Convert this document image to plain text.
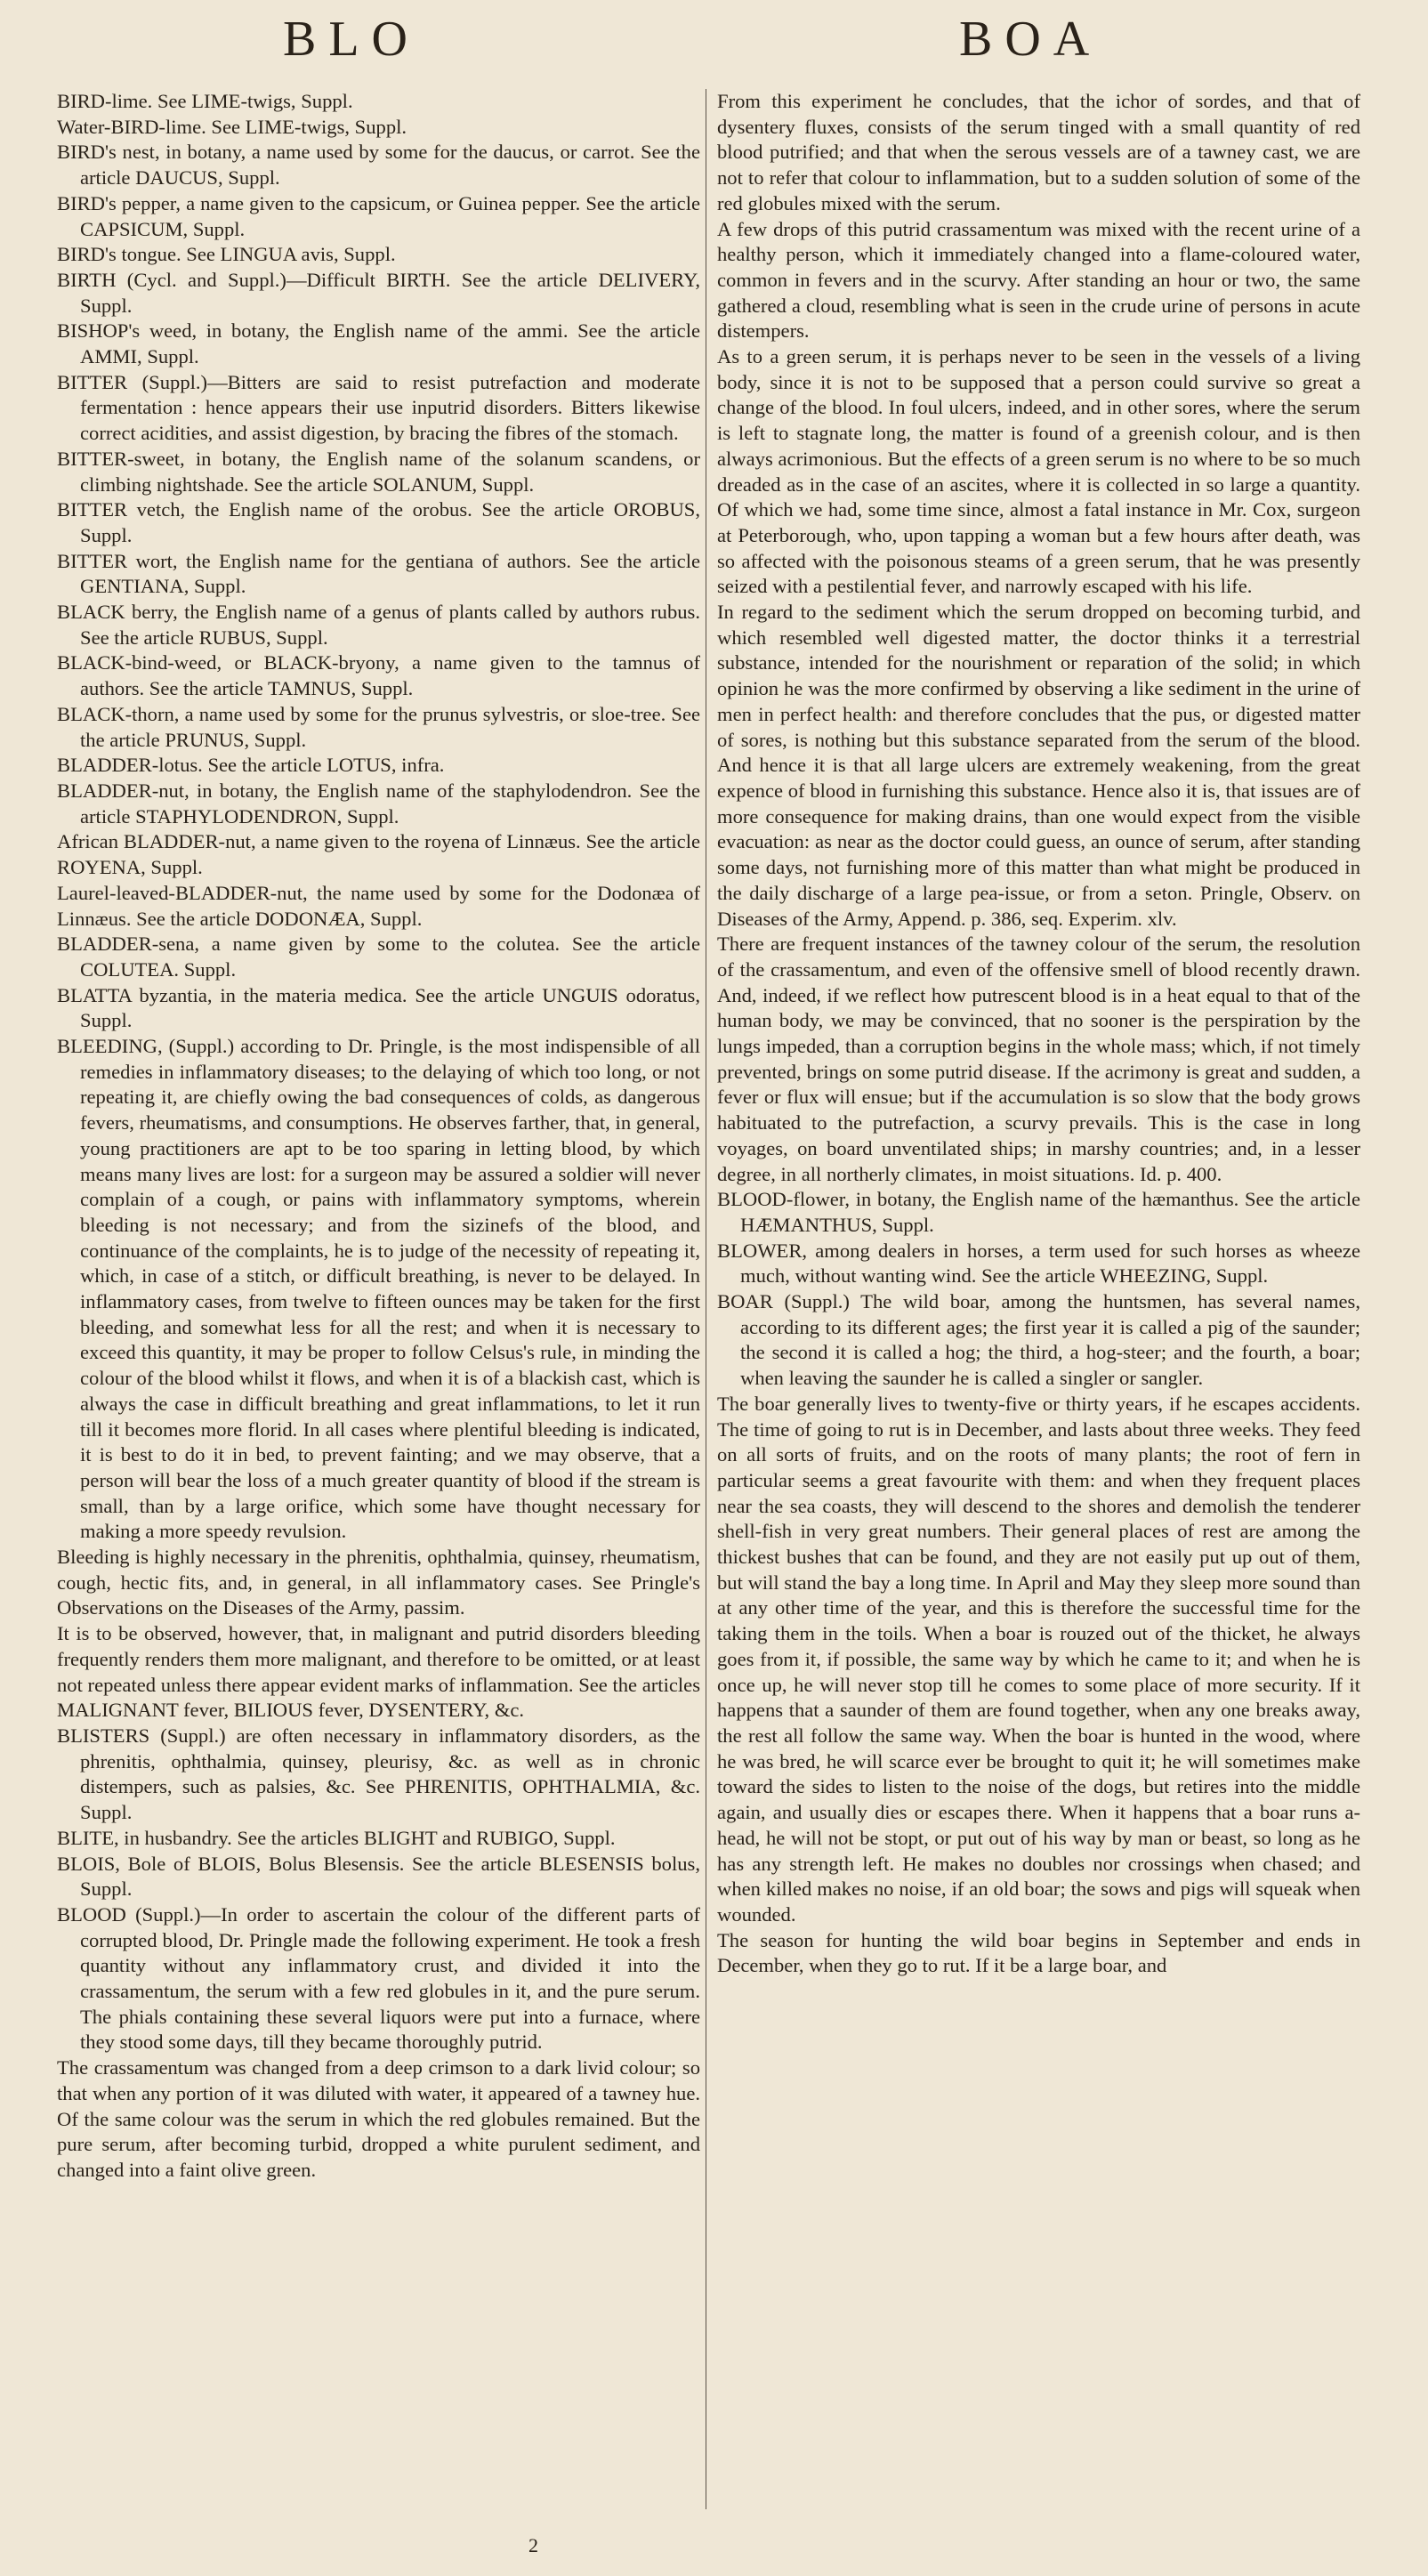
BLO	BOA

BIRD-lime. See LIME-twigs, Suppl.

Water-BIRD-lime. See LIME-twigs, Suppl.

BIRD's nest, in botany, a name used by some for the daucus, or carrot. See the article DAUCUS, Suppl.

BIRD's pepper, a name given to the capsicum, or Guinea pepper. See the article CAPSICUM, Suppl.

BIRD's tongue. See LINGUA avis, Suppl.

BIRTH (Cycl. and Suppl.)—Difficult BIRTH. See the article DELIVERY, Suppl.

BISHOP's weed, in botany, the English name of the ammi. See the article AMMI, Suppl.

BITTER (Suppl.)—Bitters are said to resist putrefaction and moderate fermentation : hence appears their use inputrid disorders. Bitters likewise correct acidities, and assist digestion, by bracing the fibres of the stomach.

BITTER-sweet, in botany, the English name of the solanum scandens, or climbing nightshade. See the article SOLANUM, Suppl.

BITTER vetch, the English name of the orobus. See the article OROBUS, Suppl.

BITTER wort, the English name for the gentiana of authors. See the article GENTIANA, Suppl.

BLACK berry, the English name of a genus of plants called by authors rubus. See the article RUBUS, Suppl.

BLACK-bind-weed, or BLACK-bryony, a name given to the tamnus of authors. See the article TAMNUS, Suppl.

BLACK-thorn, a name used by some for the prunus sylvestris, or sloe-tree. See the article PRUNUS, Suppl.

BLADDER-lotus. See the article LOTUS, infra.

BLADDER-nut, in botany, the English name of the staphylodendron. See the article STAPHYLODENDRON, Suppl.

African BLADDER-nut, a name given to the royena of Linnæus. See the article ROYENA, Suppl.

Laurel-leaved-BLADDER-nut, the name used by some for the Dodonæa of Linnæus. See the article DODONÆA, Suppl.

BLADDER-sena, a name given by some to the colutea. See the article COLUTEA. Suppl.

BLATTA byzantia, in the materia medica. See the article UNGUIS odoratus, Suppl.

BLEEDING, (Suppl.) according to Dr. Pringle, is the most indispensible of all remedies in inflammatory diseases; to the delaying of which too long, or not repeating it, are chiefly owing the bad consequences of colds, as dangerous fevers, rheumatisms, and consumptions. He observes farther, that, in general, young practitioners are apt to be too sparing in letting blood, by which means many lives are lost: for a surgeon may be assured a soldier will never complain of a cough, or pains with inflammatory symptoms, wherein bleeding is not necessary; and from the sizinefs of the blood, and continuance of the complaints, he is to judge of the necessity of repeating it, which, in case of a stitch, or difficult breathing, is never to be delayed. In inflammatory cases, from twelve to fifteen ounces may be taken for the first bleeding, and somewhat less for all the rest; and when it is necessary to exceed this quantity, it may be proper to follow Celsus's rule, in minding the colour of the blood whilst it flows, and when it is of a blackish cast, which is always the case in difficult breathing and great inflammations, to let it run till it becomes more florid. In all cases where plentiful bleeding is indicated, it is best to do it in bed, to prevent fainting; and we may observe, that a person will bear the loss of a much greater quantity of blood if the stream is small, than by a large orifice, which some have thought necessary for making a more speedy revulsion.

Bleeding is highly necessary in the phrenitis, ophthalmia, quinsey, rheumatism, cough, hectic fits, and, in general, in all inflammatory cases. See Pringle's Observations on the Diseases of the Army, passim.

It is to be observed, however, that, in malignant and putrid disorders bleeding frequently renders them more malignant, and therefore to be omitted, or at least not repeated unless there appear evident marks of inflammation. See the articles MALIGNANT fever, BILIOUS fever, DYSENTERY, &c.

BLISTERS (Suppl.) are often necessary in inflammatory disorders, as the phrenitis, ophthalmia, quinsey, pleurisy, &c. as well as in chronic distempers, such as palsies, &c. See PHRENITIS, OPHTHALMIA, &c. Suppl.

BLITE, in husbandry. See the articles BLIGHT and RUBIGO, Suppl.

BLOIS, Bole of BLOIS, Bolus Blesensis. See the article BLESENSIS bolus, Suppl.

BLOOD (Suppl.)—In order to ascertain the colour of the different parts of corrupted blood, Dr. Pringle made the following experiment. He took a fresh quantity without any inflammatory crust, and divided it into the crassamentum, the serum with a few red globules in it, and the pure serum. The phials containing these several liquors were put into a furnace, where they stood some days, till they became thoroughly putrid.

The crassamentum was changed from a deep crimson to a dark livid colour; so that when any portion of it was diluted with water, it appeared of a tawney hue. Of the same colour was the serum in which the red globules remained. But the pure serum, after becoming turbid, dropped a white purulent sediment, and changed into a faint olive green.

From this experiment he concludes, that the ichor of sordes, and that of dysentery fluxes, consists of the serum tinged with a small quantity of red blood putrified; and that when the serous vessels are of a tawney cast, we are not to refer that colour to inflammation, but to a sudden solution of some of the red globules mixed with the serum.

A few drops of this putrid crassamentum was mixed with the recent urine of a healthy person, which it immediately changed into a flame-coloured water, common in fevers and in the scurvy. After standing an hour or two, the same gathered a cloud, resembling what is seen in the crude urine of persons in acute distempers.

As to a green serum, it is perhaps never to be seen in the vessels of a living body, since it is not to be supposed that a person could survive so great a change of the blood. In foul ulcers, indeed, and in other sores, where the serum is left to stagnate long, the matter is found of a greenish colour, and is then always acrimonious. But the effects of a green serum is no where to be so much dreaded as in the case of an ascites, where it is collected in so large a quantity. Of which we had, some time since, almost a fatal instance in Mr. Cox, surgeon at Peterborough, who, upon tapping a woman but a few hours after death, was so affected with the poisonous steams of a green serum, that he was presently seized with a pestilential fever, and narrowly escaped with his life.

In regard to the sediment which the serum dropped on becoming turbid, and which resembled well digested matter, the doctor thinks it a terrestrial substance, intended for the nourishment or reparation of the solid; in which opinion he was the more confirmed by observing a like sediment in the urine of men in perfect health: and therefore concludes that the pus, or digested matter of sores, is nothing but this substance separated from the serum of the blood. And hence it is that all large ulcers are extremely weakening, from the great expence of blood in furnishing this substance. Hence also it is, that issues are of more consequence for making drains, than one would expect from the visible evacuation: as near as the doctor could guess, an ounce of serum, after standing some days, not furnishing more of this matter than what might be produced in the daily discharge of a large pea-issue, or from a seton. Pringle, Observ. on Diseases of the Army, Append. p. 386, seq. Experim. xlv.

There are frequent instances of the tawney colour of the serum, the resolution of the crassamentum, and even of the offensive smell of blood recently drawn. And, indeed, if we reflect how putrescent blood is in a heat equal to that of the human body, we may be convinced, that no sooner is the perspiration by the lungs impeded, than a corruption begins in the whole mass; which, if not timely prevented, brings on some putrid disease. If the acrimony is great and sudden, a fever or flux will ensue; but if the accumulation is so slow that the body grows habituated to the putrefaction, a scurvy prevails. This is the case in long voyages, on board unventilated ships; in marshy countries; and, in a lesser degree, in all northerly climates, in moist situations. Id. p. 400.

BLOOD-flower, in botany, the English name of the hæmanthus. See the article HÆMANTHUS, Suppl.

BLOWER, among dealers in horses, a term used for such horses as wheeze much, without wanting wind. See the article WHEEZING, Suppl.

BOAR (Suppl.) The wild boar, among the huntsmen, has several names, according to its different ages; the first year it is called a pig of the saunder; the second it is called a hog; the third, a hog-steer; and the fourth, a boar; when leaving the saunder he is called a singler or sangler.

The boar generally lives to twenty-five or thirty years, if he escapes accidents. The time of going to rut is in December, and lasts about three weeks. They feed on all sorts of fruits, and on the roots of many plants; the root of fern in particular seems a great favourite with them: and when they frequent places near the sea coasts, they will descend to the shores and demolish the tenderer shell-fish in very great numbers. Their general places of rest are among the thickest bushes that can be found, and they are not easily put up out of them, but will stand the bay a long time. In April and May they sleep more sound than at any other time of the year, and this is therefore the successful time for the taking them in the toils. When a boar is rouzed out of the thicket, he always goes from it, if possible, the same way by which he came to it; and when he is once up, he will never stop till he comes to some place of more security. If it happens that a saunder of them are found together, when any one breaks away, the rest all follow the same way. When the boar is hunted in the wood, where he was bred, he will scarce ever be brought to quit it; he will sometimes make toward the sides to listen to the noise of the dogs, but retires into the middle again, and usually dies or escapes there. When it happens that a boar runs a-head, he will not be stopt, or put out of his way by man or beast, so long as he has any strength left. He makes no doubles nor crossings when chased; and when killed makes no noise, if an old boar; the sows and pigs will squeak when wounded.

The season for hunting the wild boar begins in September and ends in December, when they go to rut. If it be a large boar, and

2
